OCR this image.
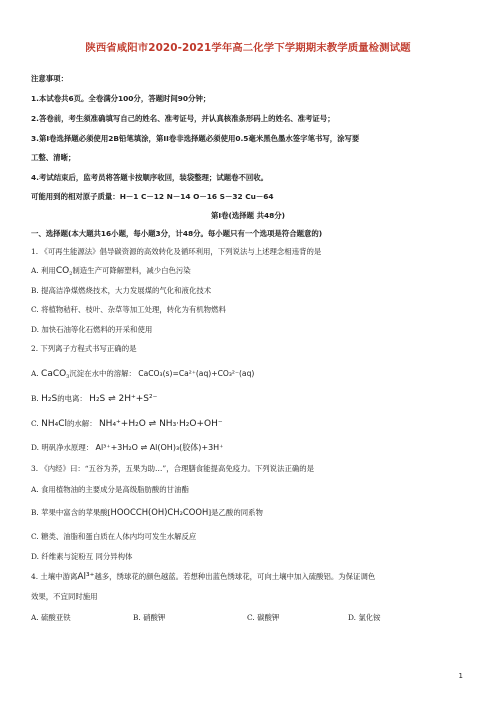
陕西省咸阳市2020-2021学年高二化学下学期期末教学质量检测试题
注意事项：
1.本试卷共6页。全卷满分100分，答题时间90分钟；
2.答卷前，考生须准确填写自己的姓名、准考证号，并认真核准条形码上的姓名、准考证号；
3.第I卷选择题必须使用2B铅笔填涂，第II卷非选择题必须使用0.5毫米黑色墨水签字笔书写，涂写要
工整、清晰；
4.考试结束后，监考员将答题卡按顺序收回，装袋整理；试题卷不回收。
可能用到的相对原子质量：H－1 C－12 N－14 O－16 S－32 Cu－64
第I卷(选择题 共48分)
一、选择题(本大题共16小题，每小题3分，计48分。每小题只有一个选项是符合题意的)
1. 《可再生能源法》倡导碳资源的高效转化及循环利用，下列说法与上述理念相违背的是
A. 利用$CO_2$制造生产可降解塑料，减少白色污染
B. 提高洁净煤燃烧技术，大力发展煤的气化和液化技术
C. 将植物秸秆、枝叶、杂草等加工处理，转化为有机物燃料
D. 加快石油等化石燃料的开采和使用
2. 下列离子方程式书写正确的是
A. CaCO$_3$沉淀在水中的溶解： CaCO₃(s)=Ca²⁺(aq)+CO₃²⁻(aq)
B. H₂S的电离： H₂S ⇌ 2H⁺+S²⁻
C. NH₄Cl的水解： NH₄⁺+H₂O ⇌ NH₃·H₂O+OH⁻
D. 明矾净水原理： Al³⁺+3H₂O ⇌ Al(OH)₃(胶体)+3H⁺
3. 《内经》曰：“五谷为养，五果为助…”，合理膳食能提高免疫力。下列说法正确的是
A. 食用植物油的主要成分是高级脂肪酸的甘油酯
B. 苹果中富含的苹果酸[HOOCCH(OH)CH₂COOH]是乙酸的同系物
C. 糖类、油脂和蛋白质在人体内均可发生水解反应
D. 纤维素与淀粉互 同分异构体
4. 土壤中游离Al³⁺越多，绣球花的颜色越蓝。若想种出蓝色绣球花，可向土壤中加入硫酸铝。为保证调色
效果，不宜同时施用
A. 硫酸亚铁	B. 硝酸钾	C. 碳酸钾	D. 氯化铵
1
